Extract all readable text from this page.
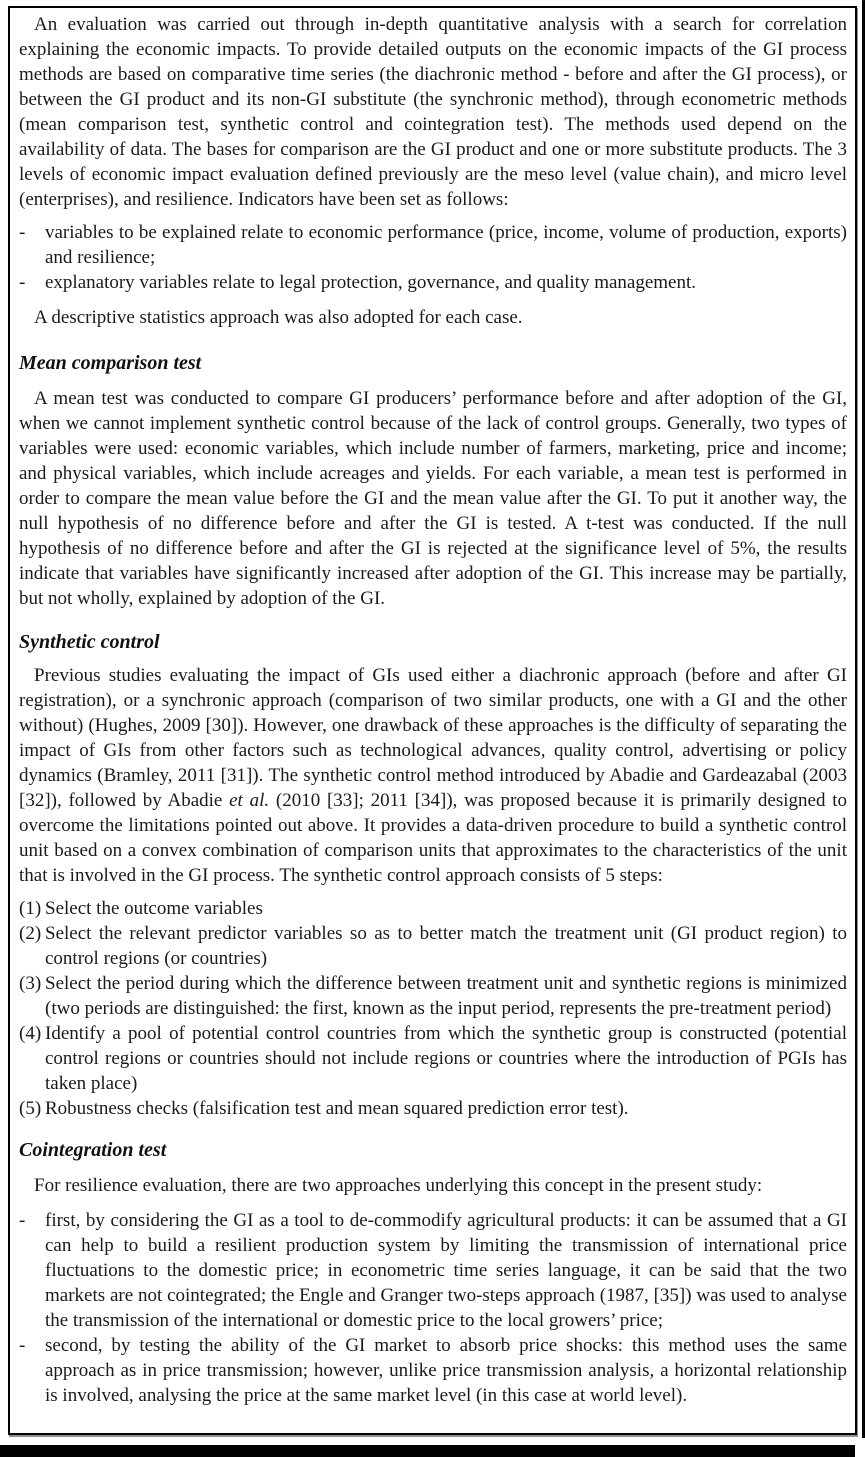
An evaluation was carried out through in-depth quantitative analysis with a search for correlation explaining the economic impacts. To provide detailed outputs on the economic impacts of the GI process methods are based on comparative time series (the diachronic method - before and after the GI process), or between the GI product and its non-GI substitute (the synchronic method), through econometric methods (mean comparison test, synthetic control and cointegration test). The methods used depend on the availability of data. The bases for comparison are the GI product and one or more substitute products. The 3 levels of economic impact evaluation defined previously are the meso level (value chain), and micro level (enterprises), and resilience. Indicators have been set as follows:

- variables to be explained relate to economic performance (price, income, volume of production, exports) and resilience;
- explanatory variables relate to legal protection, governance, and quality management.

A descriptive statistics approach was also adopted for each case.

Mean comparison test

A mean test was conducted to compare GI producers’ performance before and after adoption of the GI, when we cannot implement synthetic control because of the lack of control groups. Generally, two types of variables were used: economic variables, which include number of farmers, marketing, price and income; and physical variables, which include acreages and yields. For each variable, a mean test is performed in order to compare the mean value before the GI and the mean value after the GI. To put it another way, the null hypothesis of no difference before and after the GI is tested. A t-test was conducted. If the null hypothesis of no difference before and after the GI is rejected at the significance level of 5%, the results indicate that variables have significantly increased after adoption of the GI. This increase may be partially, but not wholly, explained by adoption of the GI.

Synthetic control

Previous studies evaluating the impact of GIs used either a diachronic approach (before and after GI registration), or a synchronic approach (comparison of two similar products, one with a GI and the other without) (Hughes, 2009 [30]). However, one drawback of these approaches is the difficulty of separating the impact of GIs from other factors such as technological advances, quality control, advertising or policy dynamics (Bramley, 2011 [31]). The synthetic control method introduced by Abadie and Gardeazabal (2003 [32]), followed by Abadie et al. (2010 [33]; 2011 [34]), was proposed because it is primarily designed to overcome the limitations pointed out above. It provides a data-driven procedure to build a synthetic control unit based on a convex combination of comparison units that approximates to the characteristics of the unit that is involved in the GI process. The synthetic control approach consists of 5 steps:

(1) Select the outcome variables
(2) Select the relevant predictor variables so as to better match the treatment unit (GI product region) to control regions (or countries)
(3) Select the period during which the difference between treatment unit and synthetic regions is minimized (two periods are distinguished: the first, known as the input period, represents the pre-treatment period)
(4) Identify a pool of potential control countries from which the synthetic group is constructed (potential control regions or countries should not include regions or countries where the introduction of PGIs has taken place)
(5) Robustness checks (falsification test and mean squared prediction error test).
Cointegration test

For resilience evaluation, there are two approaches underlying this concept in the present study:

- first, by considering the GI as a tool to de-commodify agricultural products: it can be assumed that a GI can help to build a resilient production system by limiting the transmission of international price fluctuations to the domestic price; in econometric time series language, it can be said that the two markets are not cointegrated; the Engle and Granger two-steps approach (1987, [35]) was used to analyse the transmission of the international or domestic price to the local growers’ price;
- second, by testing the ability of the GI market to absorb price shocks: this method uses the same approach as in price transmission; however, unlike price transmission analysis, a horizontal relationship is involved, analysing the price at the same market level (in this case at world level).
